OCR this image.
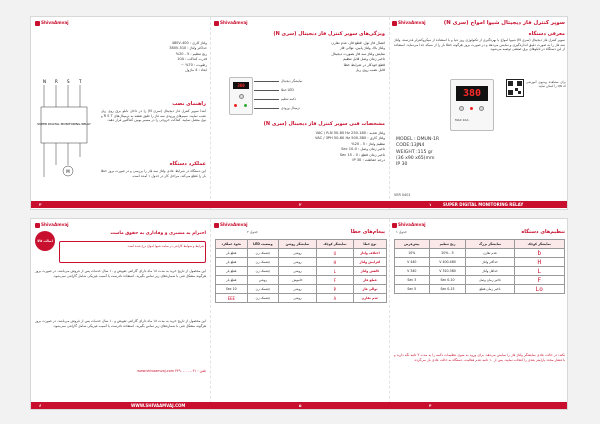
ShivaAmvaj
• ولتاژ کاری : 400-480V
• حداکثر ولتاژ : 510-380V
• رنج تنظیم : 5 - 20%
• قدرت کنتاکت : 10A
• رطوبت : 70% ~
• ابعاد : 4 ماژول
N R S T
SUPER DIGITAL MONITORING RELAY
M
راهنمای نصب
ابتدا سوپر کنترل فاز دیجیتال (سری N) را در داخل تابلو برق روی ریل نصب نمایید. سیم‌های ورودی سه فاز را طبق نقشه به ترمینال‌های R S T و نول متصل نمایید. کنتاکت خروجی را در مسیر بوبین کنتاکتور قرار دهید.
عملکرد دستگاه
این دستگاه در شرایط عادی ولتاژ سه فاز را بررسی و در صورت بروز خطا بار را قطع می‌کند. مراحل کار در جدول ۱ آمده است.
ShivaAmvaj
ویژگی‌های سوپر کنترل فاز دیجیتال (سری N)
اتصال فاز نول، قطع فاز، عدم تقارن
ولتاژ بالا، ولتاژ پایین، توالی فاز
نمایش ولتاژ سه فاز بصورت دیجیتال
تاخیر زمان وصل قابل تنظیم
قطع خودکار در شرایط خطا
قابل نصب روی ریل
380
نمایشگر دیجیتال
LED خطا
دکمه تنظیم
ترمینال ورودی
مشخصات فنی سوپر کنترل فاز دیجیتال (سری N)
ولتاژ تغذیه : 180-250 VAC / R-N 50-60 Hz
ولتاژ کاری : 380-500 VAC / 3PH 50-60 Hz
تنظیم ولتاژ : 5 - 20%
تاخیر زمان وصل : 0-10 Sec
تاخیر زمان قطع : 0 - 15 Sec
درجه حفاظت : IP 30
ShivaAmvaj	سوپر کنترل فاز دیجیتال شیوا امواج (سری N)
معرفی دستگاه
سوپر کنترل فاز دیجیتال (سری N) شیوا امواج با بهره‌گیری از تکنولوژی روز دنیا و با استفاده از میکروکنترلر قدرتمند، ولتاژ سه فاز را به صورت دقیق اندازه‌گیری و نمایش می‌دهد و در صورت بروز هرگونه خطا بار را از شبکه جدا می‌نماید. استفاده از این دستگاه در تابلوهای برق صنعتی توصیه می‌شود.
380
MAX 10A
برای مشاهده ویدیوی آموزشی کد QR را اسکن نمایید
MODEL : DMUN-1R
CODE:13JN4
WEIGHT :115 gr
(36 x90 x65)mm
IP 30
VER 0401
۳	۲	۱	SUPER DIGITAL MONITORING RELAY
ShivaAmvaj
اصالت کالا
احترام به مشتری و وفاداری به حقوق ماست
شرایط و ضوابط گارانتی در سایت شیوا امواج درج شده است
این محصول از تاریخ خرید به مدت ۱۸ ماه دارای گارانتی تعویض و ۱۰ سال خدمات پس از فروش می‌باشد. در صورت بروز هرگونه مشکل فنی با شماره‌های زیر تماس بگیرید. استفاده نادرست یا آسیب فیزیکی شامل گارانتی نمی‌شود.
این محصول از تاریخ خرید به مدت ۱۸ ماه دارای گارانتی تعویض و ۱۰ سال خدمات پس از فروش می‌باشد. در صورت بروز هرگونه مشکل فنی با شماره‌های زیر تماس بگیرید. استفاده نادرست یا آسیب فیزیکی شامل گارانتی نمی‌شود.
تلفن : ۰۳۱-۳۳۹۰۰۰۰۰ www.shivaamvaj.com
ShivaAmvaj
پیغام‌های خطا
جدول ۲
نوع خطا	نمایشگر کوچک	نمایشگر روشن	وضعیت LED	نحوه عملکرد
اختلاف ولتاژ	U	روشن	چشمک زن	قطع بار
افزایش ولتاژ	H	روشن	چشمک زن	قطع بار
کاهش ولتاژ	L	روشن	چشمک زن	قطع بار
قطع فاز	F	خاموش	روشن	قطع بار
توالی فاز	P	روشن	چشمک زن	10 Sec
عدم تقارن	A	روشن	چشمک زن	EEE
ShivaAmvaj
تنظیم‌های دستگاه
جدول ۱
نمایشگر کوچک	نمایشگر بزرگ	رنج تنظیم	پیش‌فرض
b	عدم تقارن	5 - 20%	10%
H	حداکثر ولتاژ	400-480 V	440 V
L	حداقل ولتاژ	310-380 V	340 V
F	تاخیر زمان وصل	0-10 Sec	3 Sec
Lo	تاخیر زمان قطع	0-15 Sec	5 Sec
نکته: در حالت عادی نمایشگر ولتاژ فاز را نمایش می‌دهد. برای ورود به منوی تنظیمات دکمه را به مدت ۳ ثانیه نگه دارید و با فشار مجدد پارامتر بعدی را انتخاب نمایید. پس از ۱۰ ثانیه عدم فعالیت، دستگاه به حالت عادی باز می‌گردد.
۶	WWW.SHIVAAMVAJ.COM	۵	۴
